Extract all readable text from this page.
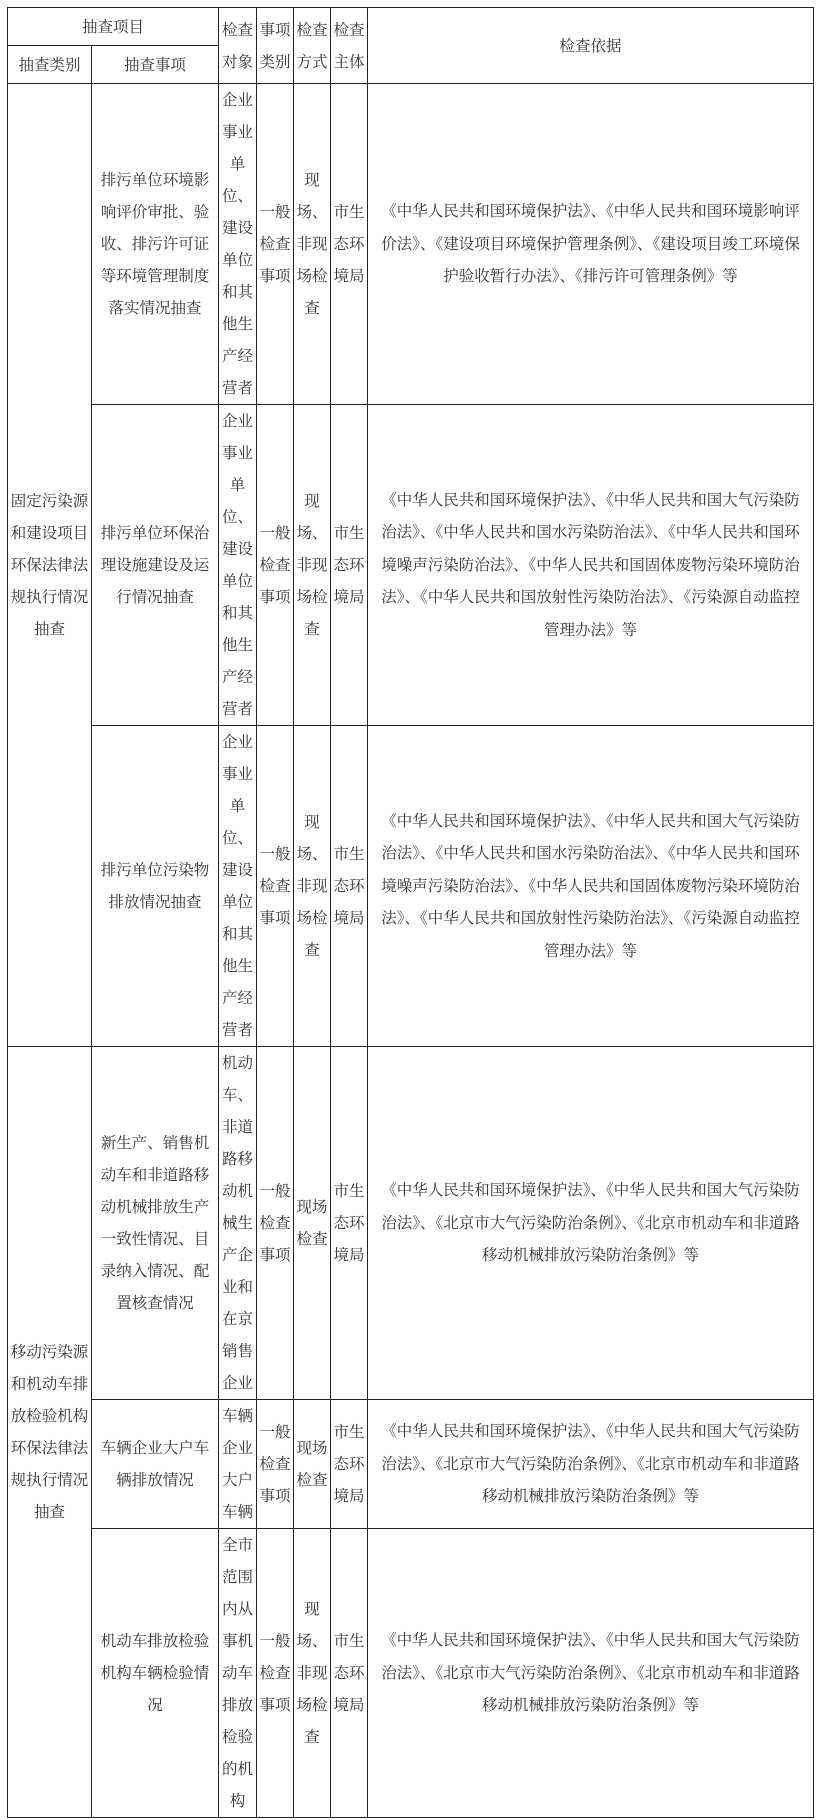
抽查项目		检查对象	事项类别	检查方式	检查主体	检查依据
抽查类别	抽查事项					
固定污染源和建设项目环保法律法规执行情况抽查	排污单位环境影响评价审批、验收、排污许可证等环境管理制度落实情况抽查	企业事业单位、建设单位和其他生产经营者	一般检查事项	现场、非现场检查	市生态环境局	《中华人民共和国环境保护法》、《中华人民共和国环境影响评价法》、《建设项目环境保护管理条例》、《建设项目竣工环境保护验收暂行办法》、《排污许可管理条例》等
	排污单位环保治理设施建设及运行情况抽查	企业事业单位、建设单位和其他生产经营者	一般检查事项	现场、非现场检查	市生态环境局	《中华人民共和国环境保护法》、《中华人民共和国大气污染防治法》、《中华人民共和国水污染防治法》、《中华人民共和国环境噪声污染防治法》、《中华人民共和国固体废物污染环境防治法》、《中华人民共和国放射性污染防治法》、《污染源自动监控管理办法》等
	排污单位污染物排放情况抽查	企业事业单位、建设单位和其他生产经营者	一般检查事项	现场、非现场检查	市生态环境局	《中华人民共和国环境保护法》、《中华人民共和国大气污染防治法》、《中华人民共和国水污染防治法》、《中华人民共和国环境噪声污染防治法》、《中华人民共和国固体废物污染环境防治法》、《中华人民共和国放射性污染防治法》、《污染源自动监控管理办法》等
移动污染源和机动车排放检验机构环保法律法规执行情况抽查	新生产、销售机动车和非道路移动机械排放生产一致性情况、目录纳入情况、配置核查情况	机动车、非道路移动机械生产企业和在京销售企业	一般检查事项	现场检查	市生态环境局	《中华人民共和国环境保护法》、《中华人民共和国大气污染防治法》、《北京市大气污染防治条例》、《北京市机动车和非道路移动机械排放污染防治条例》等
	车辆企业大户车辆排放情况	车辆企业大户车辆	一般检查事项	现场检查	市生态环境局	《中华人民共和国环境保护法》、《中华人民共和国大气污染防治法》、《北京市大气污染防治条例》、《北京市机动车和非道路移动机械排放污染防治条例》等
	机动车排放检验机构车辆检验情况	全市范围内从事机动车排放检验的机构	一般检查事项	现场、非现场检查	市生态环境局	《中华人民共和国环境保护法》、《中华人民共和国大气污染防治法》、《北京市大气污染防治条例》、《北京市机动车和非道路移动机械排放污染防治条例》等
